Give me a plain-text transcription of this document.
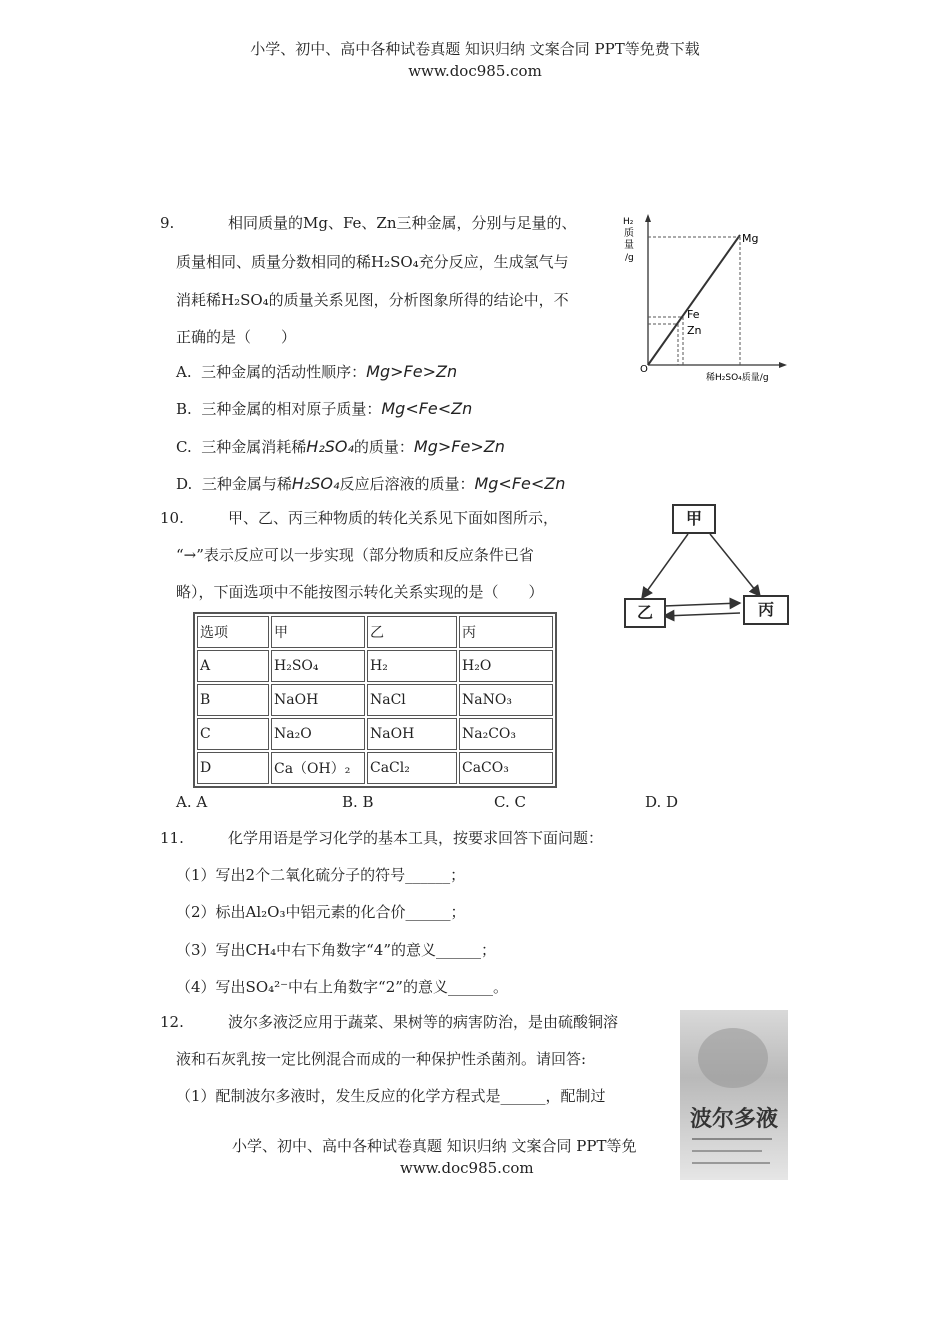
小学、初中、高中各种试卷真题 知识归纳 文案合同 PPT等免费下载
www.doc985.com
9.	相同质量的Mg、Fe、Zn三种金属，分别与足量的、
质量相同、质量分数相同的稀H₂SO₄充分反应，生成氢气与
消耗稀H₂SO₄的质量关系见图，分析图象所得的结论中，不
正确的是（　　）
A. 三种金属的活动性顺序：Mg>Fe>Zn
B. 三种金属的相对原子质量：Mg<Fe<Zn
C. 三种金属消耗稀H₂SO₄的质量：Mg>Fe>Zn
D. 三种金属与稀H₂SO₄反应后溶液的质量：Mg<Fe<Zn
H₂
质
量
/g
O
稀H₂SO₄质量/g
Mg
Fe
Zn
10.	甲、乙、丙三种物质的转化关系见下面如图所示，
“→”表示反应可以一步实现（部分物质和反应条件已省
略），下面选项中不能按图示转化关系实现的是（　　）
甲
乙	丙
选项	甲	乙	丙
A	H₂SO₄	H₂	H₂O
B	NaOH	NaCl	NaNO₃
C	Na₂O	NaOH	Na₂CO₃
D	Ca（OH）₂	CaCl₂	CaCO₃
A. A	B. B	C. C	D. D
11.	化学用语是学习化学的基本工具，按要求回答下面问题：
（1）写出2个二氧化硫分子的符号______；
（2）标出Al₂O₃中铝元素的化合价______；
（3）写出CH₄中右下角数字“4”的意义______；
（4）写出SO₄²⁻中右上角数字“2”的意义______。
12.	波尔多液泛应用于蔬菜、果树等的病害防治，是由硫酸铜溶
液和石灰乳按一定比例混合而成的一种保护性杀菌剂。请回答:
（1）配制波尔多液时，发生反应的化学方程式是______，配制过
波尔多液
小学、初中、高中各种试卷真题 知识归纳 文案合同 PPT等免
www.doc985.com
